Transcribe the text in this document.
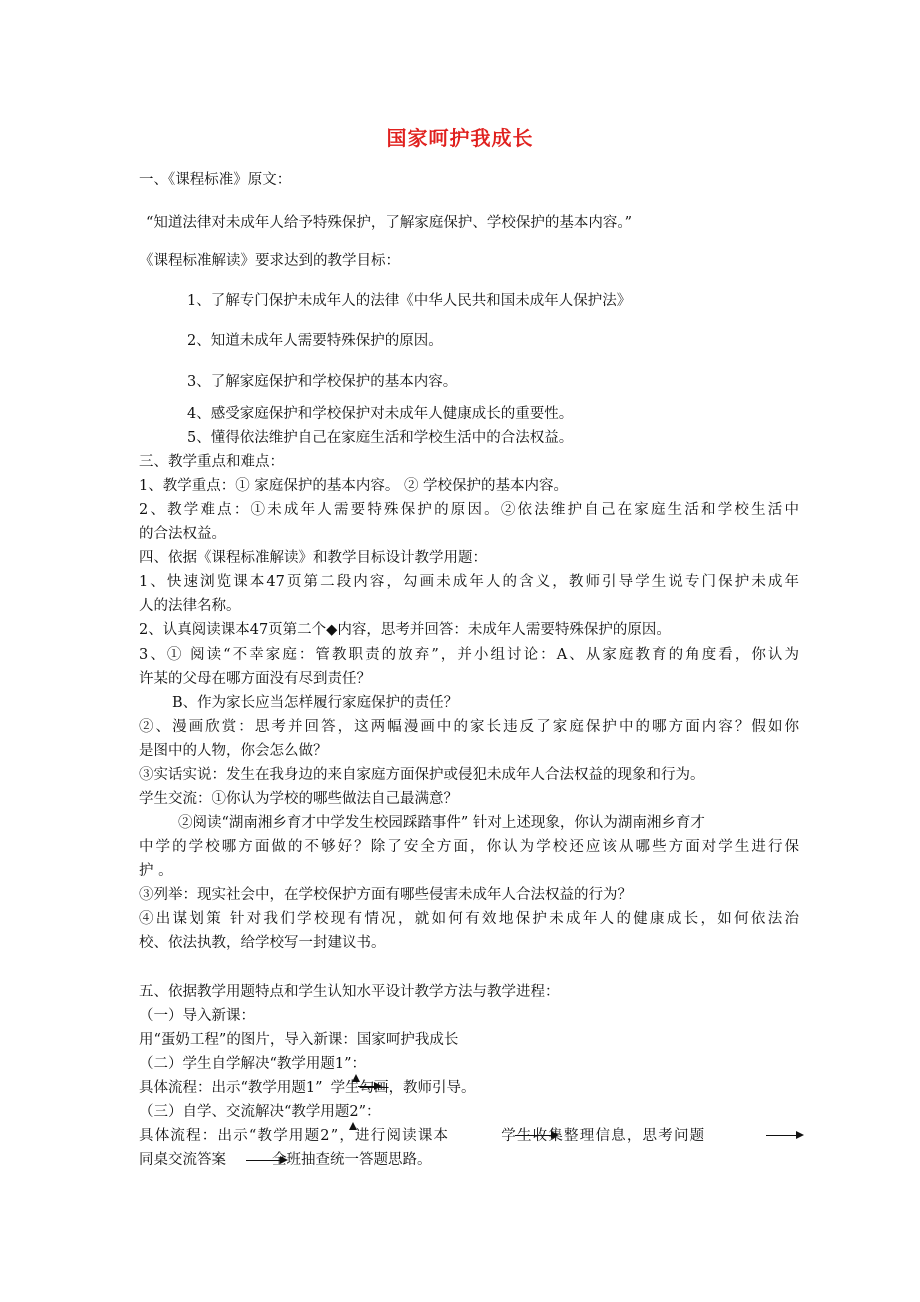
国家呵护我成长
一、《课程标准》原文：
“知道法律对未成年人给予特殊保护，了解家庭保护、学校保护的基本内容。”
《课程标准解读》要求达到的教学目标：
1、了解专门保护未成年人的法律《中华人民共和国未成年人保护法》
2、知道未成年人需要特殊保护的原因。
3、了解家庭保护和学校保护的基本内容。
4、感受家庭保护和学校保护对未成年人健康成长的重要性。
5、懂得依法维护自己在家庭生活和学校生活中的合法权益。
三、教学重点和难点：
1、教学重点：① 家庭保护的基本内容。 ② 学校保护的基本内容。
2、教学难点：①未成年人需要特殊保护的原因。②依法维护自己在家庭生活和学校生活中
的合法权益。
四、依据《课程标准解读》和教学目标设计教学用题：
1、快速浏览课本47页第二段内容，勾画未成年人的含义，教师引导学生说专门保护未成年
人的法律名称。
2、认真阅读课本47页第二个◆内容，思考并回答：未成年人需要特殊保护的原因。
3、① 阅读“不幸家庭：管教职责的放弃”，并小组讨论：A、从家庭教育的角度看，你认为
许某的父母在哪方面没有尽到责任？
B、作为家长应当怎样履行家庭保护的责任？
②、漫画欣赏：思考并回答，这两幅漫画中的家长违反了家庭保护中的哪方面内容？假如你
是图中的人物，你会怎么做？
③实话实说：发生在我身边的来自家庭方面保护或侵犯未成年人合法权益的现象和行为。
学生交流：①你认为学校的哪些做法自己最满意？
②阅读“湖南湘乡育才中学发生校园踩踏事件” 针对上述现象，你认为湖南湘乡育才
中学的学校哪方面做的不够好？除了安全方面，你认为学校还应该从哪些方面对学生进行保
护 。
③列举：现实社会中，在学校保护方面有哪些侵害未成年人合法权益的行为？
④出谋划策 针对我们学校现有情况，就如何有效地保护未成年人的健康成长，如何依法治
校、依法执教，给学校写一封建议书。
五、依据教学用题特点和学生认知水平设计教学方法与教学进程：
（一）导入新课：
用“蛋奶工程”的图片，导入新课：国家呵护我成长
（二）学生自学解决“教学用题1”：
具体流程：出示“教学用题1” 学生勾画，教师引导。
（三）自学、交流解决“教学用题2”：
具体流程：出示“教学用题2”，进行阅读课本	学生收集整理信息，思考问题
同桌交流答案	全班抽查统一答题思路。
